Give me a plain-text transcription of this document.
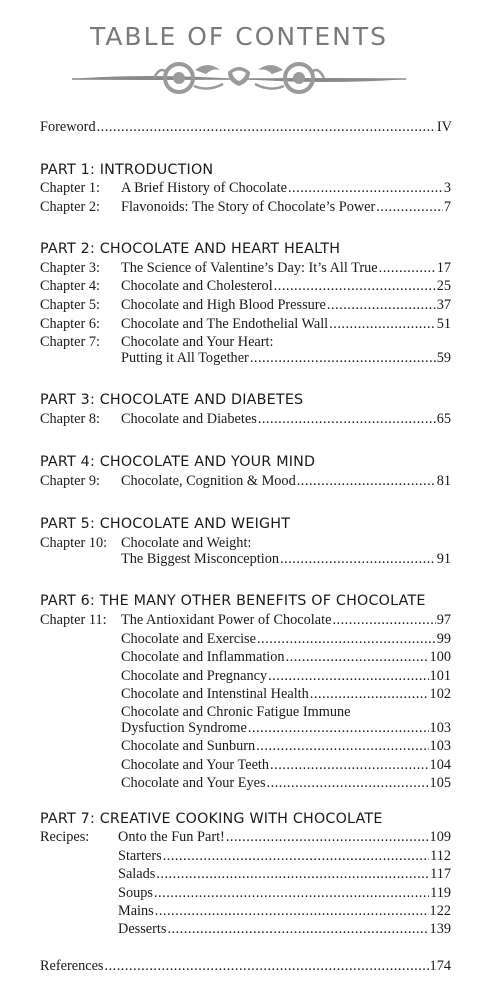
TABLE OF CONTENTS
Foreword .....	IV
PART 1: INTRODUCTION
Chapter 1: A Brief History of Chocolate .....	3
Chapter 2: Flavonoids: The Story of Chocolate’s Power .....	7
PART 2: CHOCOLATE AND HEART HEALTH
Chapter 3: The Science of Valentine’s Day: It’s All True .....	17
Chapter 4: Chocolate and Cholesterol .....	25
Chapter 5: Chocolate and High Blood Pressure .....	37
Chapter 6: Chocolate and The Endothelial Wall .....	51
Chapter 7: Chocolate and Your Heart:
Putting it All Together .....	59
PART 3: CHOCOLATE AND DIABETES
Chapter 8: Chocolate and Diabetes .....	65
PART 4: CHOCOLATE AND YOUR MIND
Chapter 9: Chocolate, Cognition & Mood .....	81
PART 5: CHOCOLATE AND WEIGHT
Chapter 10: Chocolate and Weight:
The Biggest Misconception .....	91
PART 6: THE MANY OTHER BENEFITS OF CHOCOLATE
Chapter 11: The Antioxidant Power of Chocolate .....	97
Chocolate and Exercise .....	99
Chocolate and Inflammation .....	100
Chocolate and Pregnancy .....	101
Chocolate and Intenstinal Health .....	102
Chocolate and Chronic Fatigue Immune
Dysfuction Syndrome .....	103
Chocolate and Sunburn .....	103
Chocolate and Your Teeth .....	104
Chocolate and Your Eyes .....	105
PART 7: CREATIVE COOKING WITH CHOCOLATE
Recipes: Onto the Fun Part! .....	109
Starters .....	112
Salads .....	117
Soups .....	119
Mains .....	122
Desserts .....	139
References .....	174
